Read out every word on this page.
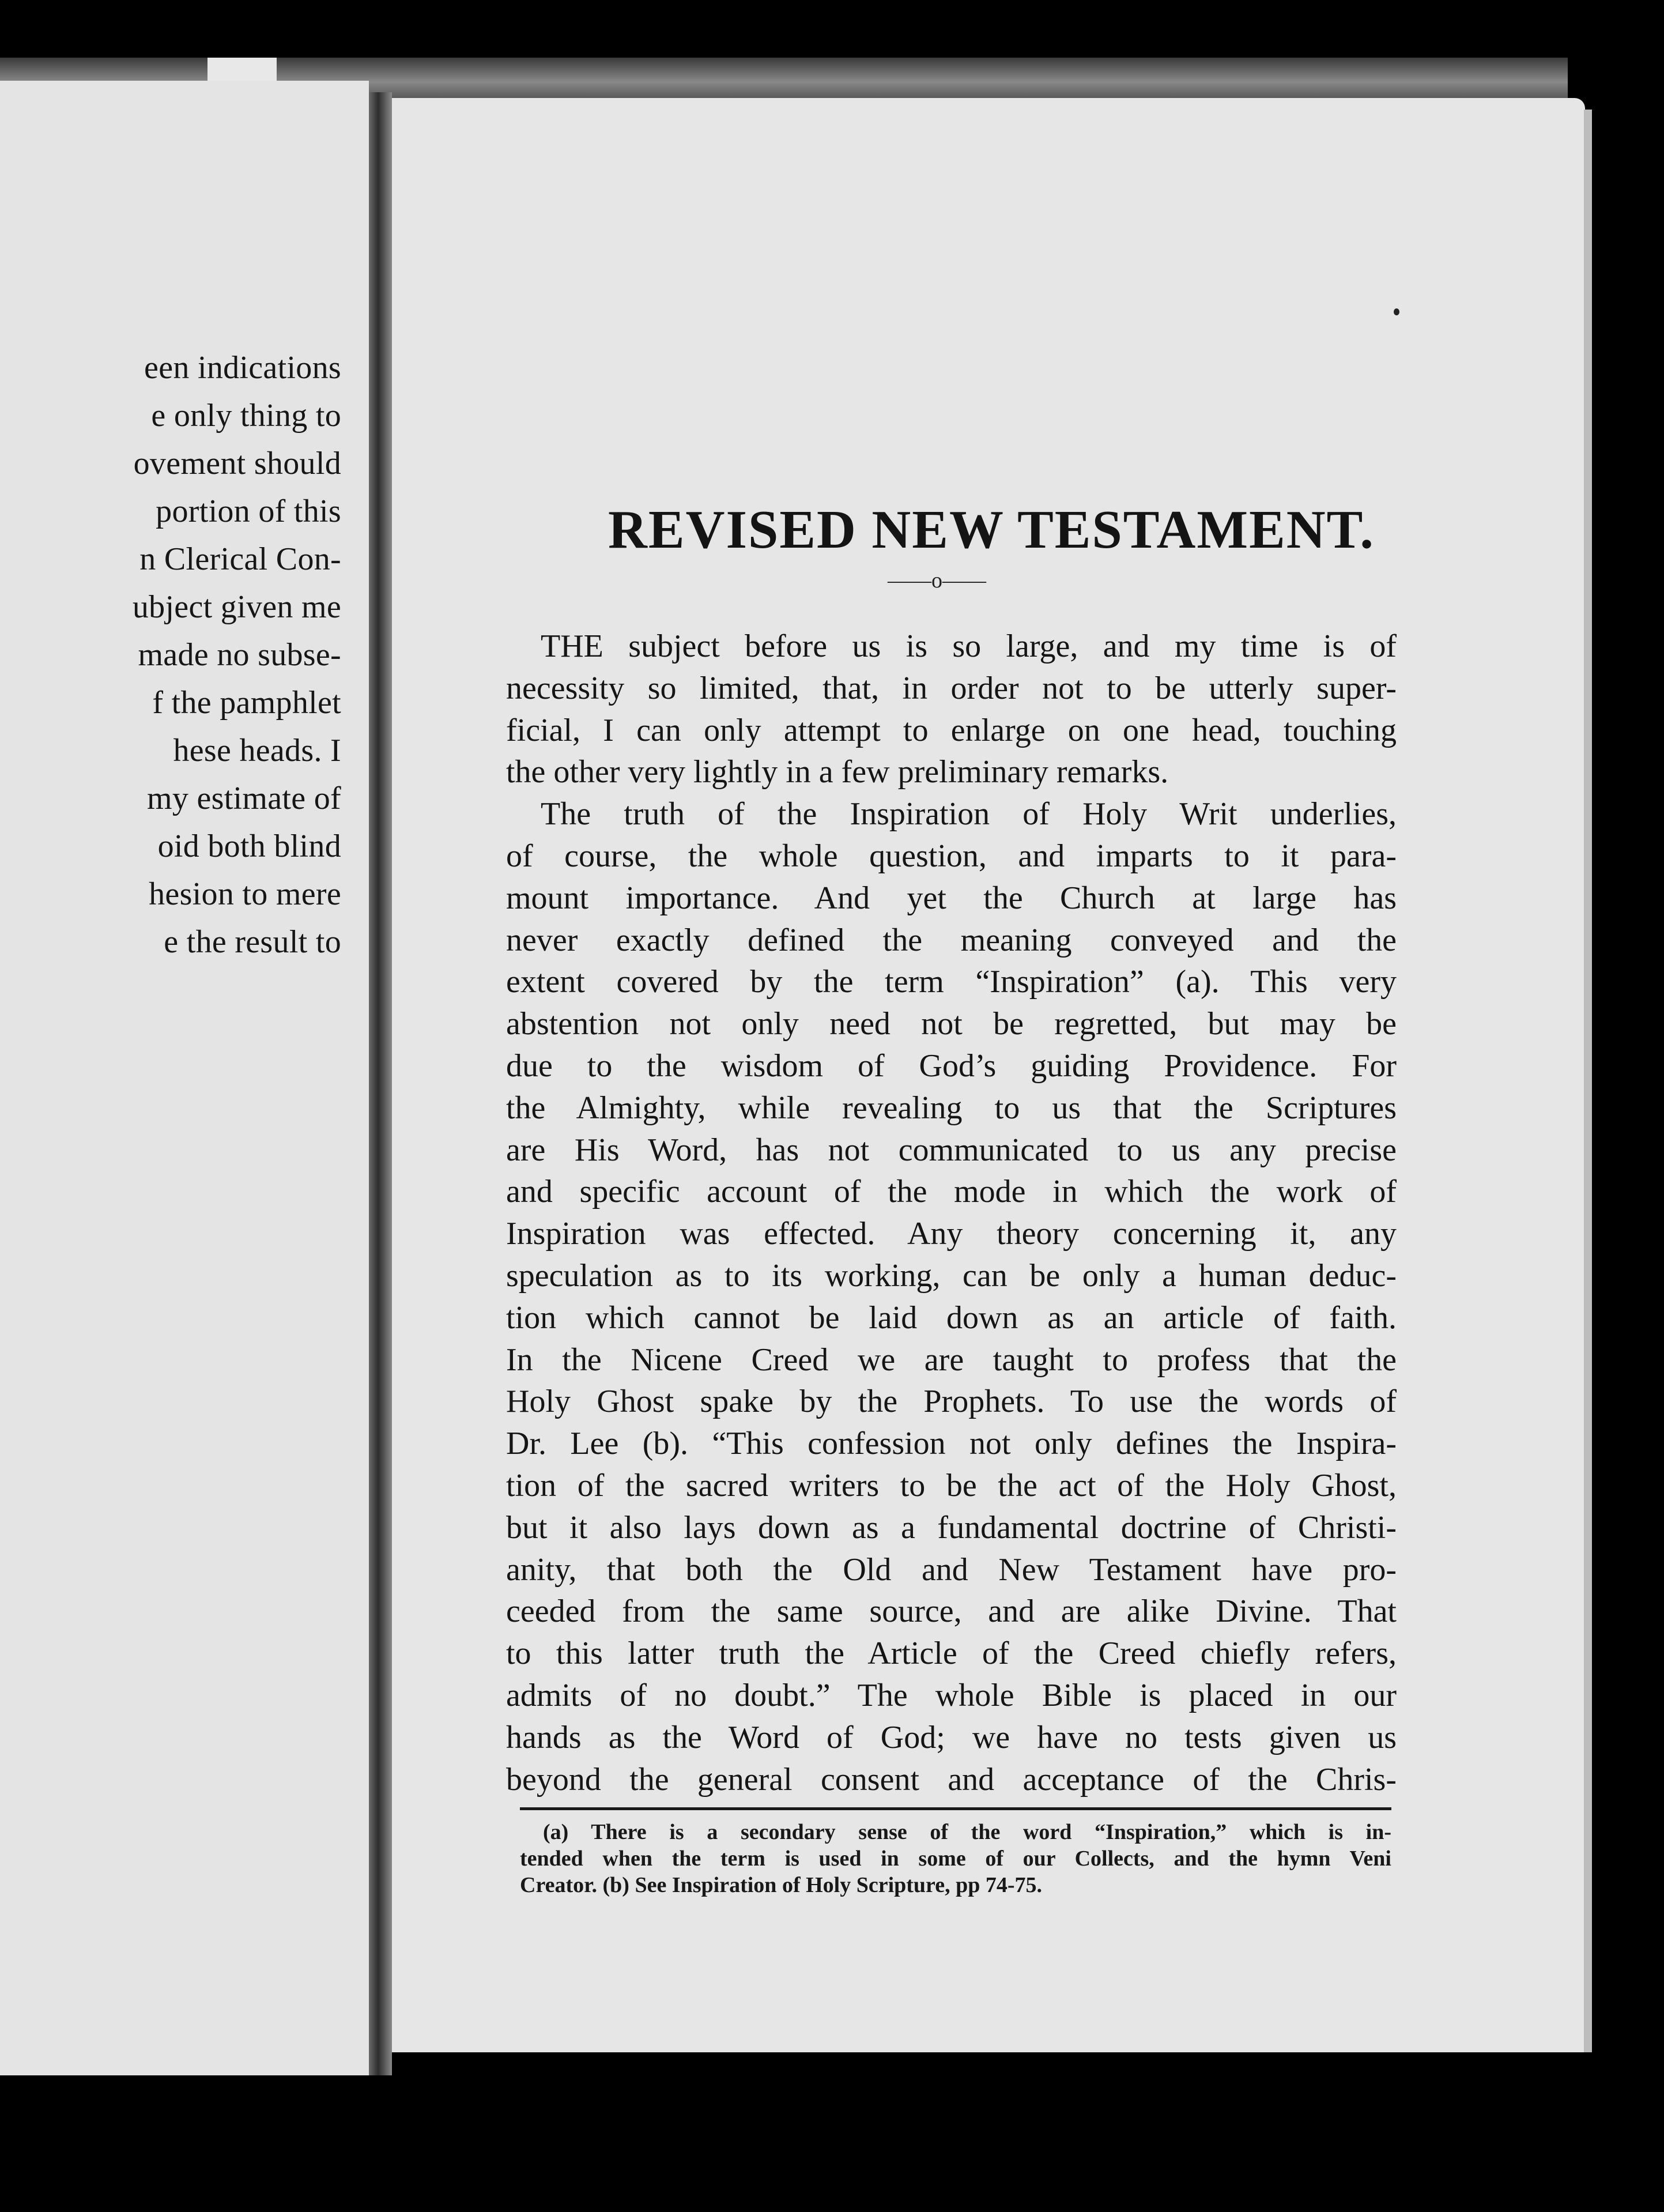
een indications
e only thing to
ovement should
portion of this
n Clerical Con-
ubject given me
made no subse-
f the pamphlet
hese heads. I
my estimate of
oid both blind
hesion to mere
e the result to
REVISED NEW TESTAMENT.
——o——
THE subject before us is so large, and my time is of
necessity so limited, that, in order not to be utterly super-
ficial, I can only attempt to enlarge on one head, touching
the other very lightly in a few preliminary remarks.
The truth of the Inspiration of Holy Writ underlies,
of course, the whole question, and imparts to it para-
mount importance. And yet the Church at large has
never exactly defined the meaning conveyed and the
extent covered by the term “Inspiration” (a). This very
abstention not only need not be regretted, but may be
due to the wisdom of God’s guiding Providence. For
the Almighty, while revealing to us that the Scriptures
are His Word, has not communicated to us any precise
and specific account of the mode in which the work of
Inspiration was effected. Any theory concerning it, any
speculation as to its working, can be only a human deduc-
tion which cannot be laid down as an article of faith.
In the Nicene Creed we are taught to profess that the
Holy Ghost spake by the Prophets. To use the words of
Dr. Lee (b). “This confession not only defines the Inspira-
tion of the sacred writers to be the act of the Holy Ghost,
but it also lays down as a fundamental doctrine of Christi-
anity, that both the Old and New Testament have pro-
ceeded from the same source, and are alike Divine. That
to this latter truth the Article of the Creed chiefly refers,
admits of no doubt.” The whole Bible is placed in our
hands as the Word of God; we have no tests given us
beyond the general consent and acceptance of the Chris-
(a) There is a secondary sense of the word “Inspiration,” which is in-
tended when the term is used in some of our Collects, and the hymn Veni
Creator. (b) See Inspiration of Holy Scripture, pp 74-75.
